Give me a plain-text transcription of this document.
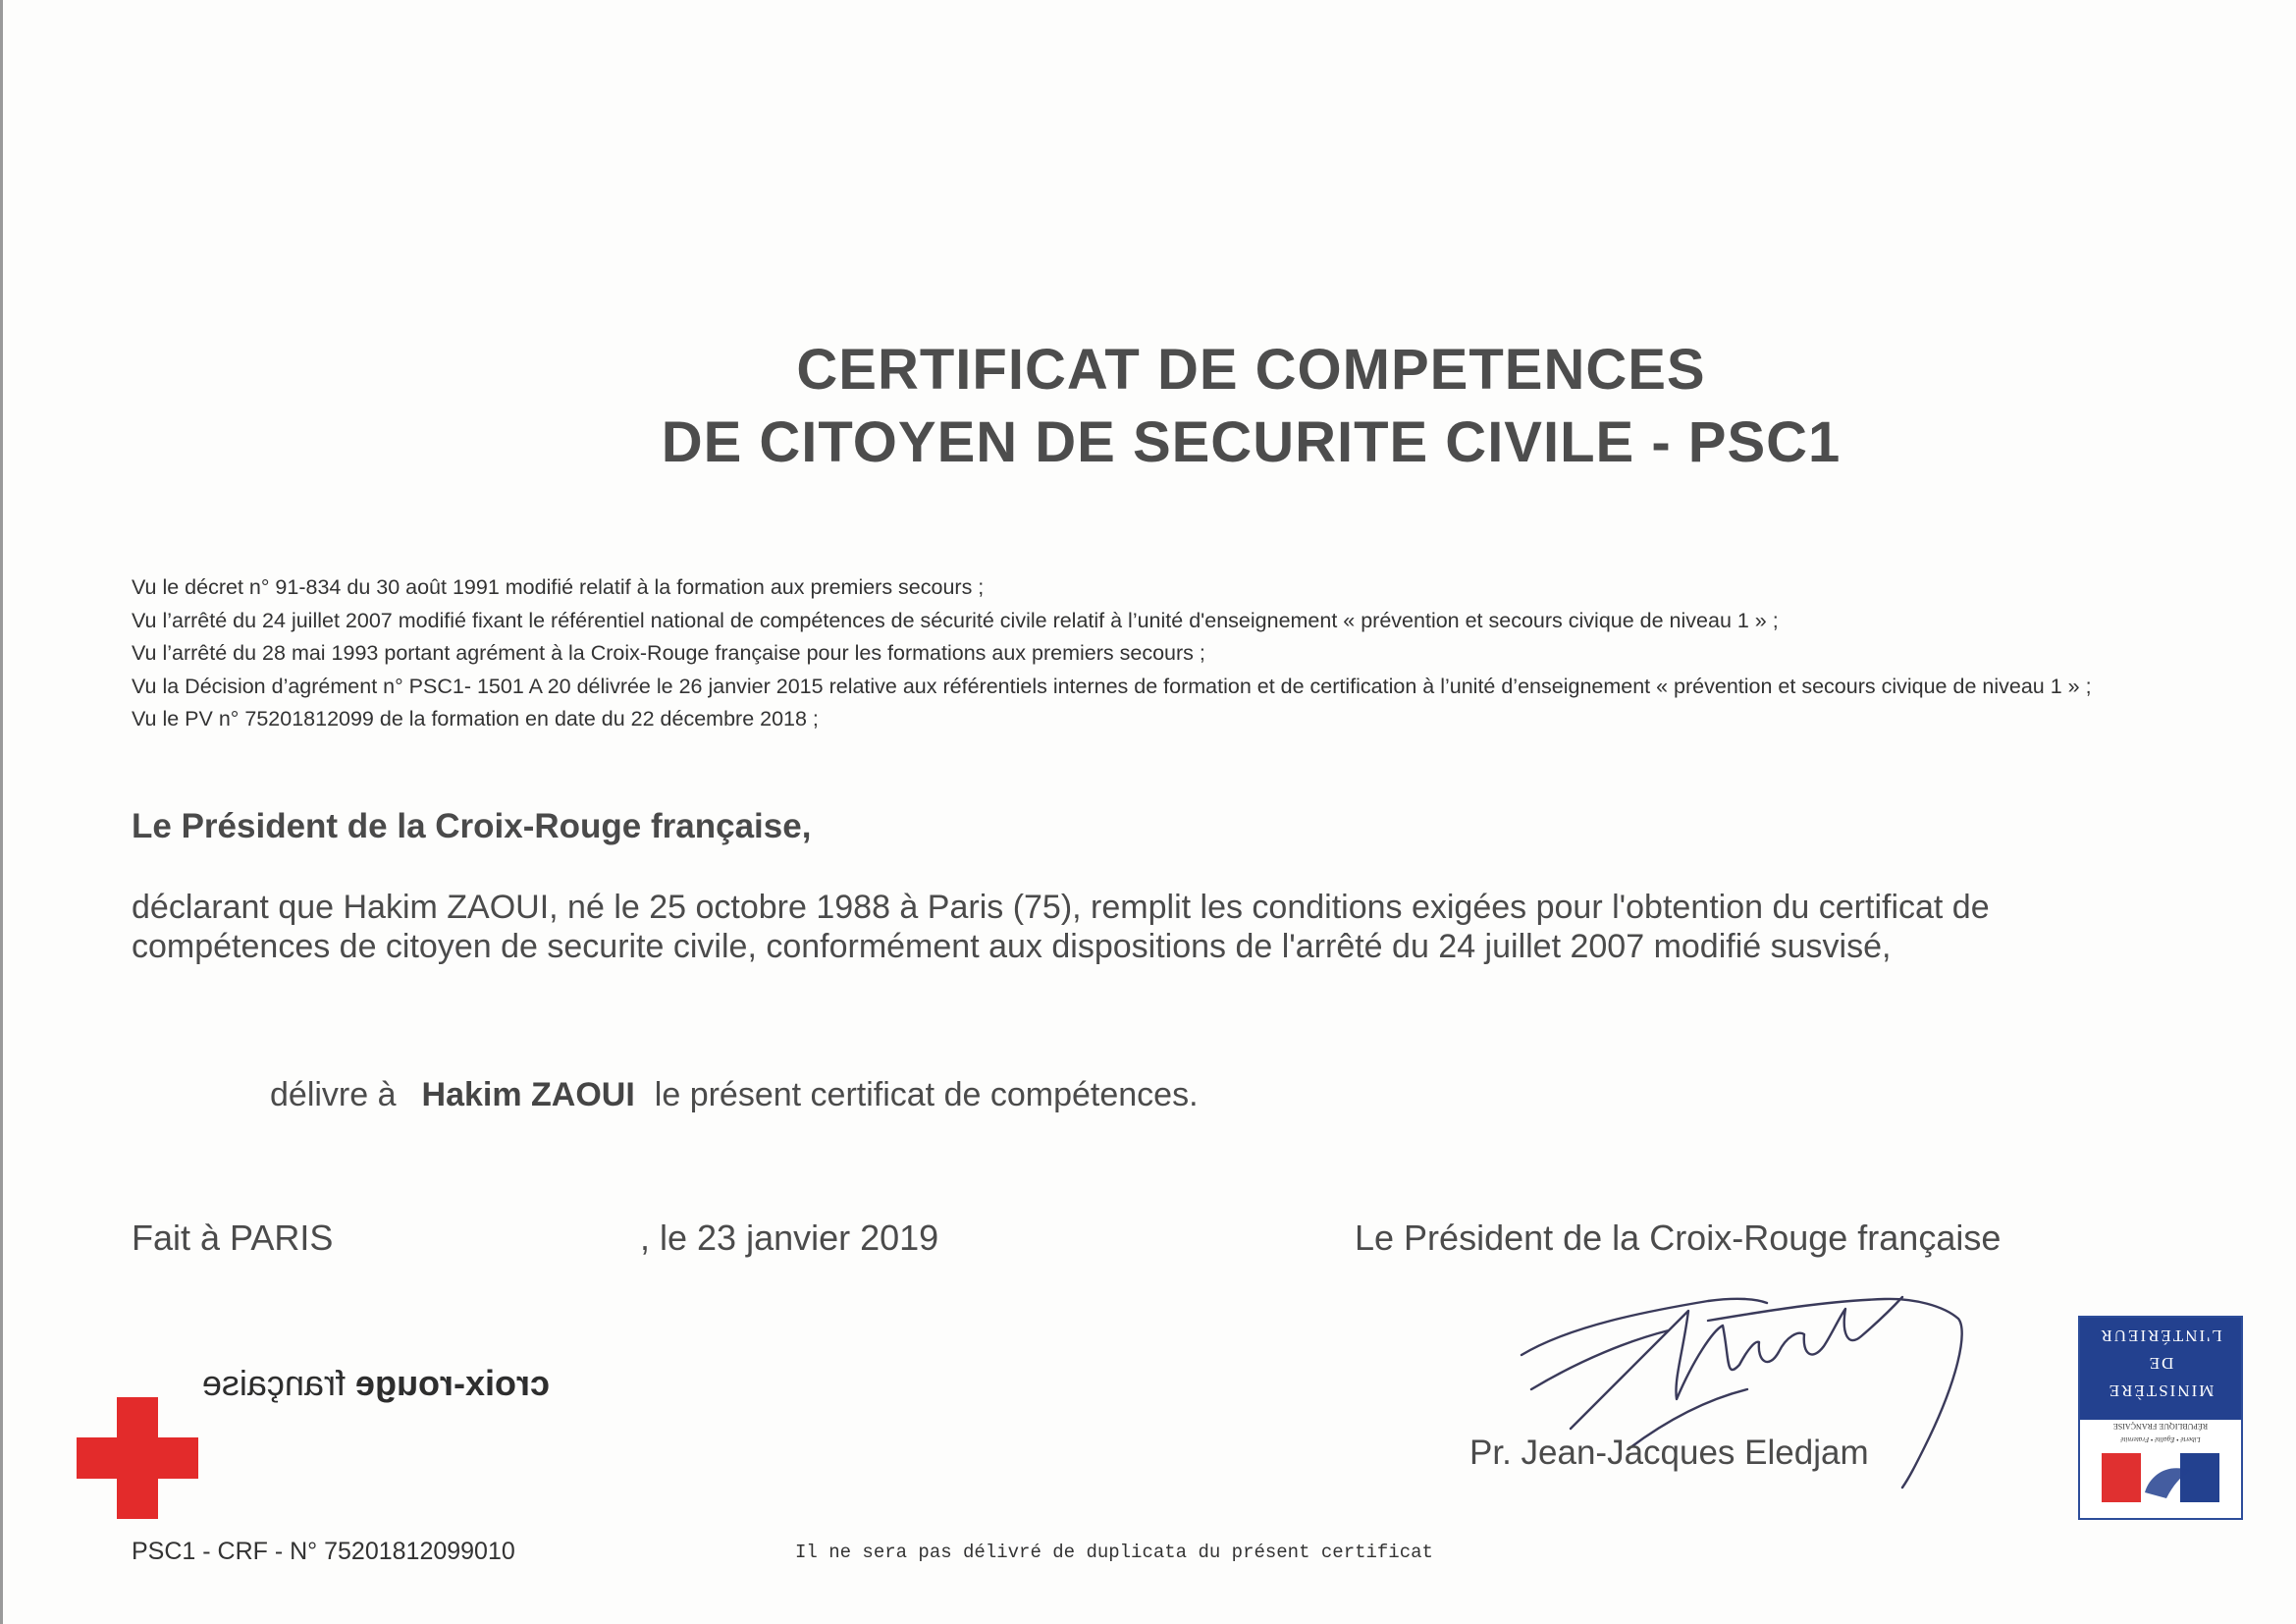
CERTIFICAT DE COMPETENCES
DE CITOYEN DE SECURITE CIVILE - PSC1
Vu le décret n° 91-834 du 30 août 1991 modifié relatif à la formation aux premiers secours ;
Vu l’arrêté du 24 juillet 2007 modifié fixant le référentiel national de compétences de sécurité civile relatif à l’unité d'enseignement « prévention et secours civique de niveau 1 » ;
Vu l’arrêté du 28 mai 1993 portant agrément à la Croix-Rouge française pour les formations aux premiers secours ;
Vu la Décision d’agrément n° PSC1- 1501 A 20 délivrée le 26 janvier 2015 relative aux référentiels internes de formation et de certification à l’unité d’enseignement « prévention et secours civique de niveau 1 » ;
Vu le PV n° 75201812099 de la formation en date du 22 décembre 2018 ;
Le Président de la Croix-Rouge française,
déclarant que Hakim ZAOUI, né le 25 octobre 1988 à Paris (75), remplit les conditions exigées pour l'obtention du certificat de
compétences de citoyen de securite civile, conformément aux dispositions de l'arrêté du 24 juillet 2007 modifié susvisé,
délivre à Hakim ZAOUI le présent certificat de compétences.
Fait à PARIS	, le 23 janvier 2019	Le Président de la Croix-Rouge française
Pr. Jean-Jacques Eledjam
croix-rouge française
PSC1 - CRF - N° 75201812099010	Il ne sera pas délivré de duplicata du présent certificat
L'INTÉRIEUR
DE
MINISTÈRE
RÉPUBLIQUE FRANÇAISE
Liberté • Égalité • Fraternité
